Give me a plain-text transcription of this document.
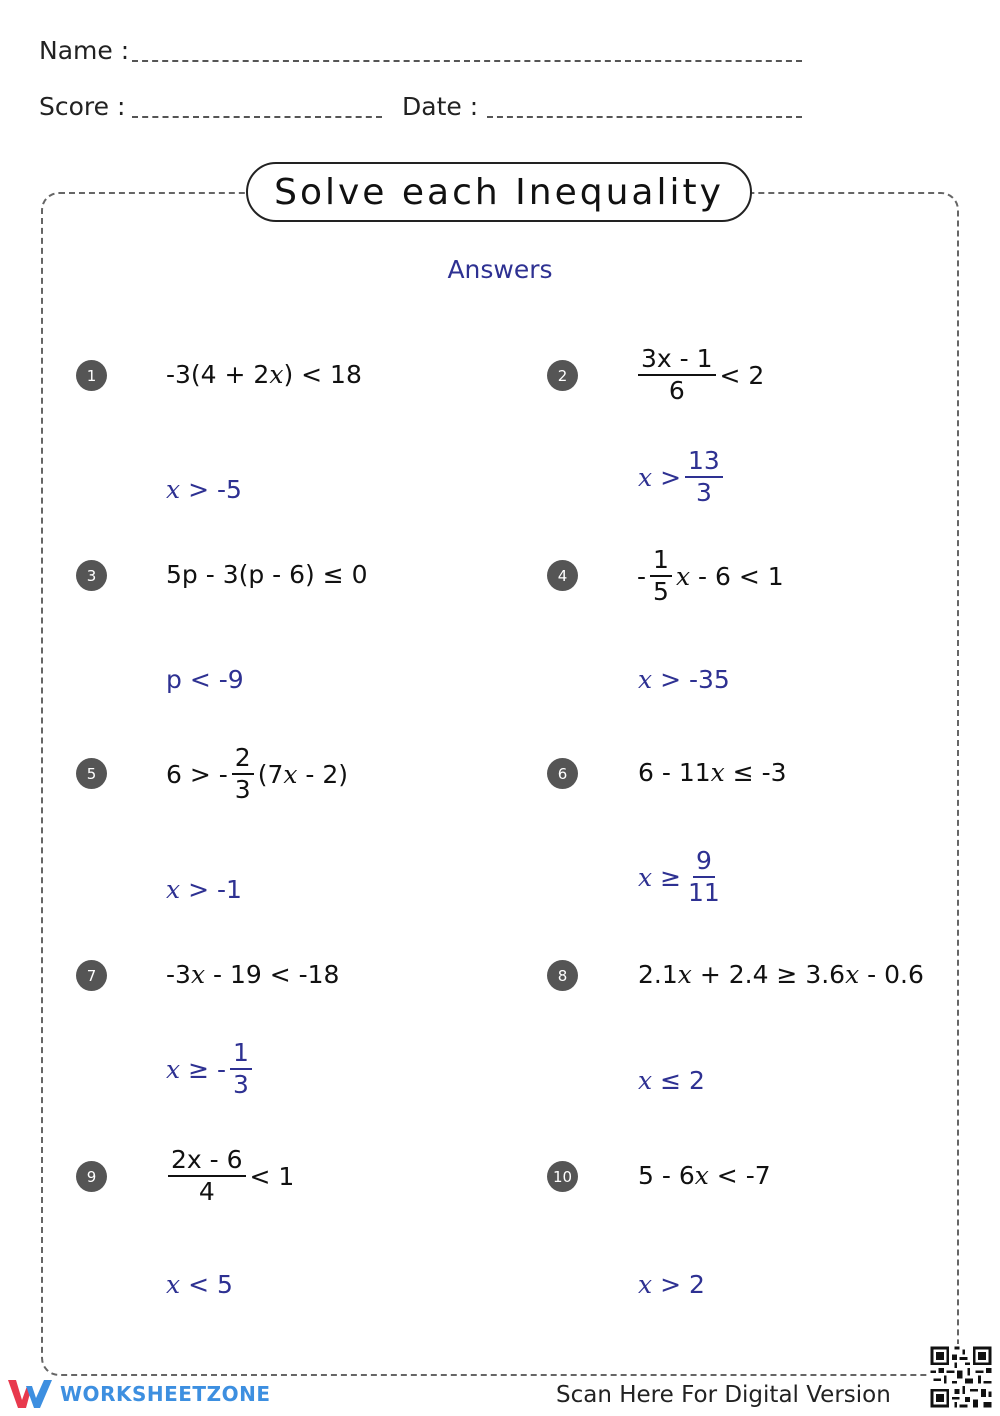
Name :
Score :	Date :
Solve each Inequality
Answers
1	-3(4 + 2 x ) < 18
x
> -5
2	$\frac{3x - 1}{6} < 2$
x
> $\frac{13}{3}$
3	5p - 3(p - 6) ≤ 0
p < -9
4	- $\frac{1}{5}$ x
- 6 < 1
x
> -35
5	6 > - $\frac{2}{3} (7$ x
- 2)
x
> -1
6	6 - 11 x
≤ -3
x
≥ $\frac{9}{11}$
7	-3 x
- 19 < -18
x
≥ - $\frac{1}{3}$
8	2.1 x
+ 2.4 ≥ 3.6 x
- 0.6
x
≤ 2
9	$\frac{2x - 6}{4} < 1$
x
< 5
10	5 - 6 x
< -7
x
> 2
WORKSHEETZONE	Scan Here For Digital Version
